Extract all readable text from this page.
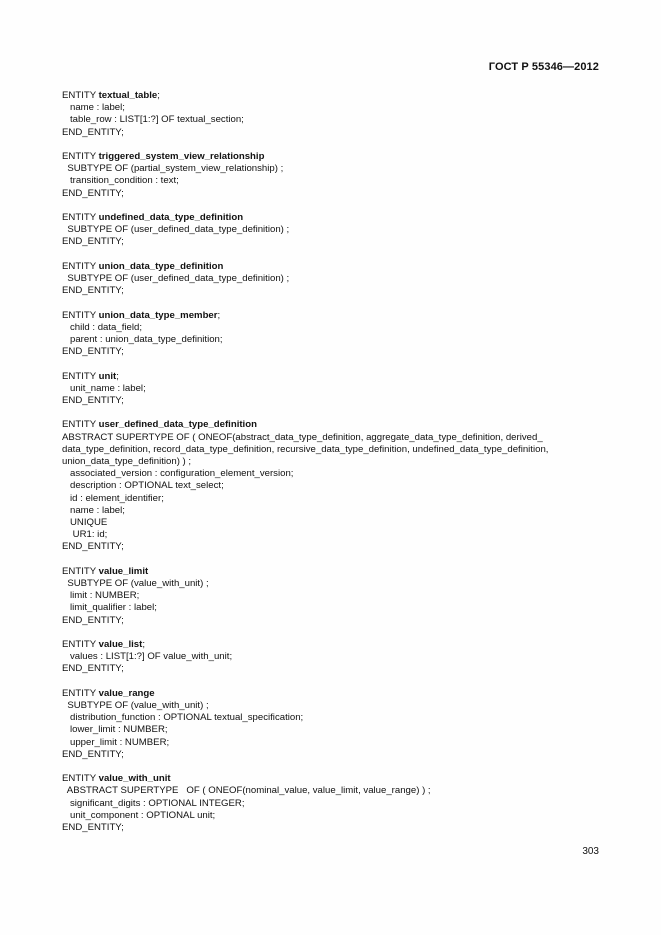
ГОСТ Р 55346—2012
ENTITY textual_table;
name : label;
table_row : LIST[1:?] OF textual_section;
END_ENTITY;
ENTITY triggered_system_view_relationship
SUBTYPE OF (partial_system_view_relationship) ;
transition_condition : text;
END_ENTITY;
ENTITY undefined_data_type_definition
SUBTYPE OF (user_defined_data_type_definition) ;
END_ENTITY;
ENTITY union_data_type_definition
SUBTYPE OF (user_defined_data_type_definition) ;
END_ENTITY;
ENTITY union_data_type_member;
child : data_field;
parent : union_data_type_definition;
END_ENTITY;
ENTITY unit;
unit_name : label;
END_ENTITY;
ENTITY user_defined_data_type_definition
ABSTRACT SUPERTYPE OF ( ONEOF(abstract_data_type_definition, aggregate_data_type_definition, derived_ data_type_definition, record_data_type_definition, recursive_data_type_definition, undefined_data_type_definition, union_data_type_definition) ) ;
associated_version : configuration_element_version;
description : OPTIONAL text_select;
id : element_identifier;
name : label;
UNIQUE
UR1: id;
END_ENTITY;
ENTITY value_limit
SUBTYPE OF (value_with_unit) ;
limit : NUMBER;
limit_qualifier : label;
END_ENTITY;
ENTITY value_list;
values : LIST[1:?] OF value_with_unit;
END_ENTITY;
ENTITY value_range
SUBTYPE OF (value_with_unit) ;
distribution_function : OPTIONAL textual_specification;
lower_limit : NUMBER;
upper_limit : NUMBER;
END_ENTITY;
ENTITY value_with_unit
ABSTRACT SUPERTYPE   OF ( ONEOF(nominal_value, value_limit, value_range) ) ;
significant_digits : OPTIONAL INTEGER;
unit_component : OPTIONAL unit;
END_ENTITY;
303
